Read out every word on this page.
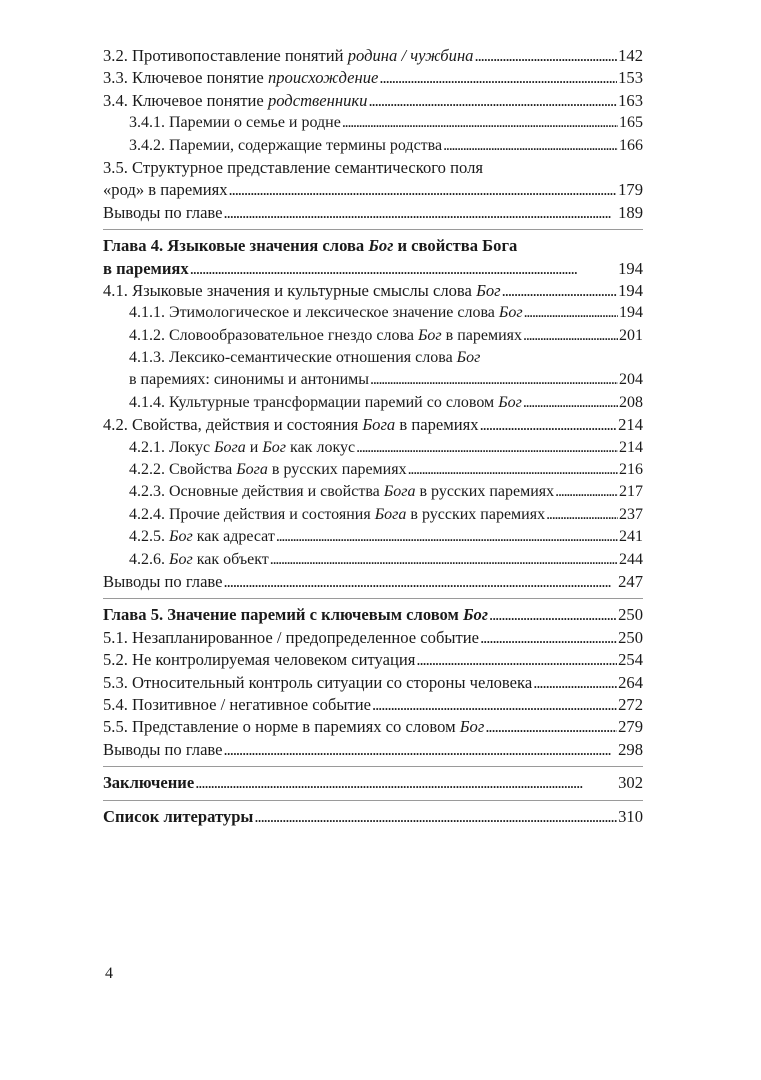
3.2. Противопоставление понятий родина / чужбина . . .	142
3.3. Ключевое понятие происхождение . . .	153
3.4. Ключевое понятие родственники . . .	163
3.4.1. Паремии о семье и родне . . .	165
3.4.2. Паремии, содержащие термины родства . . .	166
3.5. Структурное представление семантического поля
«род» в паремиях . . .	179
Выводы по главе . . .	189
Глава 4. Языковые значения слова Бог и свойства Бога
в паремиях . . .	194
4.1. Языковые значения и культурные смыслы слова Бог . . .	194
4.1.1. Этимологическое и лексическое значение слова Бог . . .	194
4.1.2. Словообразовательное гнездо слова Бог в паремиях . . .	201
4.1.3. Лексико-семантические отношения слова Бог
в паремиях: синонимы и антонимы . . .	204
4.1.4. Культурные трансформации паремий со словом Бог . . .	208
4.2. Свойства, действия и состояния Бога в паремиях . . .	214
4.2.1. Локус Бога и Бог как локус . . .	214
4.2.2. Свойства Бога в русских паремиях . . .	216
4.2.3. Основные действия и свойства Бога в русских паремиях . . .	217
4.2.4. Прочие действия и состояния Бога в русских паремиях . . .	237
4.2.5. Бог как адресат . . .	241
4.2.6. Бог как объект . . .	244
Выводы по главе . . .	247
Глава 5. Значение паремий с ключевым словом Бог . . .	250
5.1. Незапланированное / предопределенное событие . . .	250
5.2. Не контролируемая человеком ситуация . . .	254
5.3. Относительный контроль ситуации со стороны человека . . .	264
5.4. Позитивное / негативное событие . . .	272
5.5. Представление о норме в паремиях со словом Бог . . .	279
Выводы по главе . . .	298
Заключение . . .	302
Список литературы . . .	310
4
